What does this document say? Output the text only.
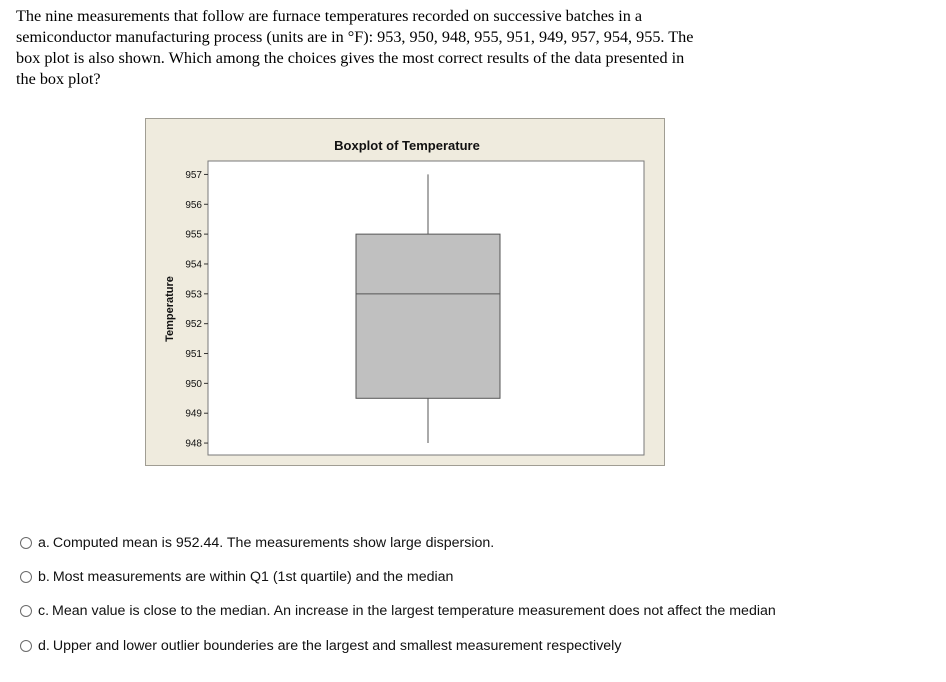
The nine measurements that follow are furnace temperatures recorded on successive batches in a
semiconductor manufacturing process (units are in °F): 953, 950, 948, 955, 951, 949, 957, 954, 955. The
box plot is also shown. Which among the choices gives the most correct results of the data presented in
the box plot?
Boxplot of Temperature
Temperature
957
956
955
954
953
952
951
950
949
948
a. Computed mean is 952.44. The measurements show large dispersion.
b. Most measurements are within Q1 (1st quartile) and the median
c. Mean value is close to the median. An increase in the largest temperature measurement does not affect the median
d. Upper and lower outlier bounderies are the largest and smallest measurement respectively
